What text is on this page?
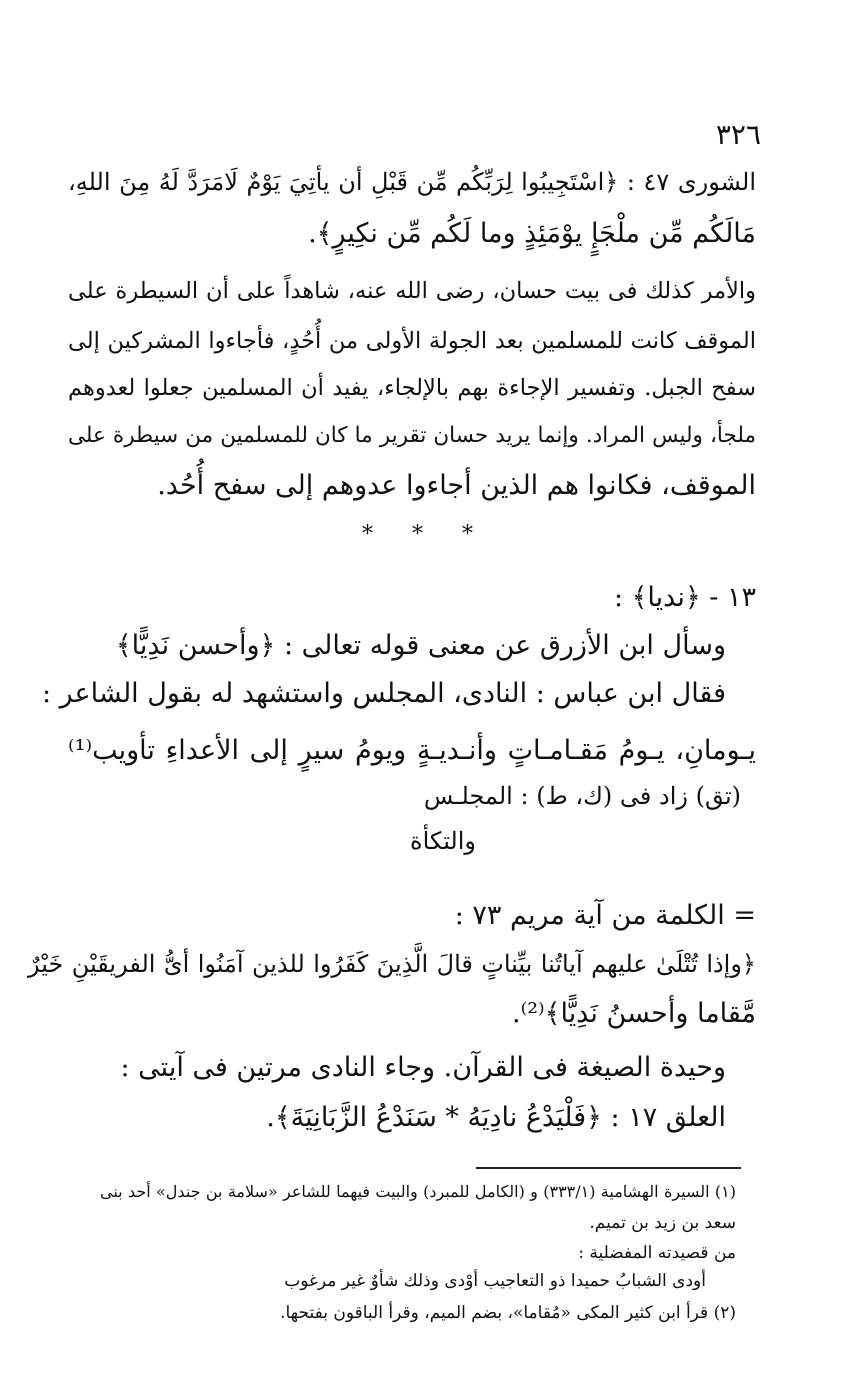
٣٢٦
الشورى ٤٧ : ﴿اسْتَجِيبُوا لِرَبِّكُم مِّن قَبْلِ أن يأتِيَ يَوْمٌ لَامَرَدَّ لَهُ مِنَ اللهِ،
مَالَكُم مِّن ملْجَإٍ يوْمَئِذٍ وما لَكُم مِّن نكِيرٍ﴾.
والأمر كذلك فى بيت حسان، رضى الله عنه، شاهداً على أن السيطرة على
الموقف كانت للمسلمين بعد الجولة الأولى من أُحُدٍ، فأجاءوا المشركين إلى
سفح الجبل. وتفسير الإجاءة بهم بالإلجاء، يفيد أن المسلمين جعلوا لعدوهم
ملجأ، وليس المراد. وإنما يريد حسان تقرير ما كان للمسلمين من سيطرة على
الموقف، فكانوا هم الذين أجاءوا عدوهم إلى سفح أُحُد.
* * *
١٣ - ﴿نديا﴾ :
وسأل ابن الأزرق عن معنى قوله تعالى : ﴿وأحسن نَدِيًّا﴾
فقال ابن عباس : النادى، المجلس واستشهد له بقول الشاعر :
يـومانِ، يـومُ مَقـامـاتٍ وأنـديـةٍ ويومُ سيرٍ إلى الأعداءِ تأويب⁽¹⁾
(تق) زاد فى (ك، ط) : المجلـس
والتكأة
= الكلمة من آية مريم ٧٣ :
﴿وإذا تُتْلَىٰ عليهم آياتُنا بيِّناتٍ قالَ الَّذِينَ كَفَرُوا للذين آمَنُوا أىُّ الفريقَيْنِ خَيْرٌ
مَّقاما وأحسنُ نَدِيًّا﴾⁽²⁾.
وحيدة الصيغة فى القرآن. وجاء النادى مرتين فى آيتى :
العلق ١٧ : ﴿فَلْيَدْعُ نادِيَهُ * سَنَدْعُ الزَّبَانِيَةَ﴾.
(١) السيرة الهشامية (٣٣٣/١) و (الكامل للمبرد) والبيت فيهما للشاعر «سلامة بن جندل» أحد بنى
سعد بن زيد بن تميم.
من قصيدته المفضلية :
أودى الشبابُ حميدا ذو التعاجيب أوْدى وذلك شأوٌ غير مرغوب
(٢) قرأ ابن كثير المكى «مُقاما»، بضم الميم، وقرأ الباقون بفتحها.
